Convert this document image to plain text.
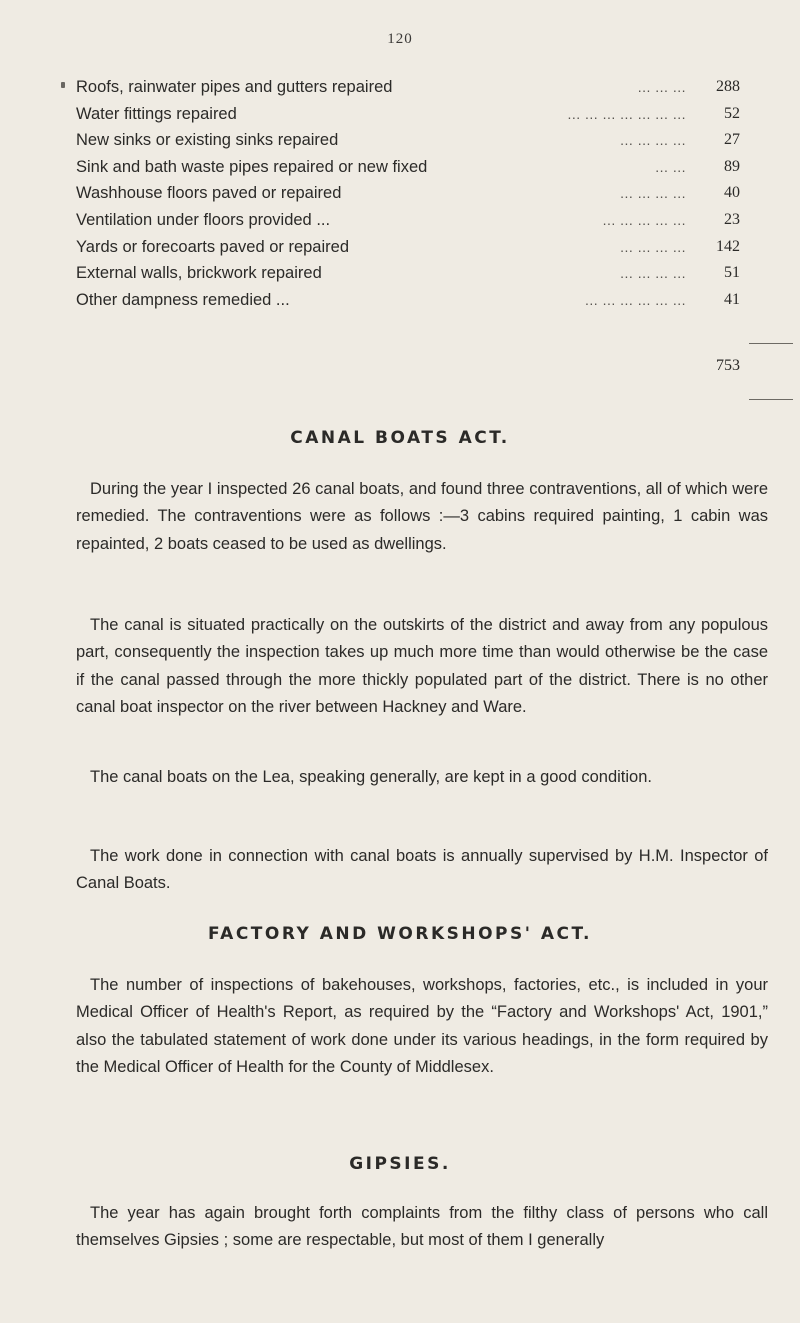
120
Roofs, rainwater pipes and gutters repaired	... ... ...	288
Water fittings repaired	... ... ... ... ... ... ...	52
New sinks or existing sinks repaired	... ... ... ...	27
Sink and bath waste pipes repaired or new fixed	... ...	89
Washhouse floors paved or repaired	... ... ... ...	40
Ventilation under floors provided ...	... ... ... ... ...	23
Yards or forecoarts paved or repaired	... ... ... ...	142
External walls, brickwork repaired	... ... ... ...	51
Other dampness remedied ...	... ... ... ... ... ...	41
753
CANAL BOATS ACT.
During the year I inspected 26 canal boats, and found three contraventions, all of which were remedied. The contraventions were as follows :—3 cabins required painting, 1 cabin was repainted, 2 boats ceased to be used as dwellings.
The canal is situated practically on the outskirts of the district and away from any populous part, consequently the inspection takes up much more time than would otherwise be the case if the canal passed through the more thickly populated part of the district. There is no other canal boat inspector on the river between Hackney and Ware.
The canal boats on the Lea, speaking generally, are kept in a good condition.
The work done in connection with canal boats is annually supervised by H.M. Inspector of Canal Boats.
FACTORY AND WORKSHOPS' ACT.
The number of inspections of bakehouses, workshops, factories, etc., is included in your Medical Officer of Health's Report, as required by the “Factory and Workshops' Act, 1901,” also the tabulated statement of work done under its various headings, in the form required by the Medical Officer of Health for the County of Middlesex.
GIPSIES.
The year has again brought forth complaints from the filthy class of persons who call themselves Gipsies ; some are respectable, but most of them I generally
